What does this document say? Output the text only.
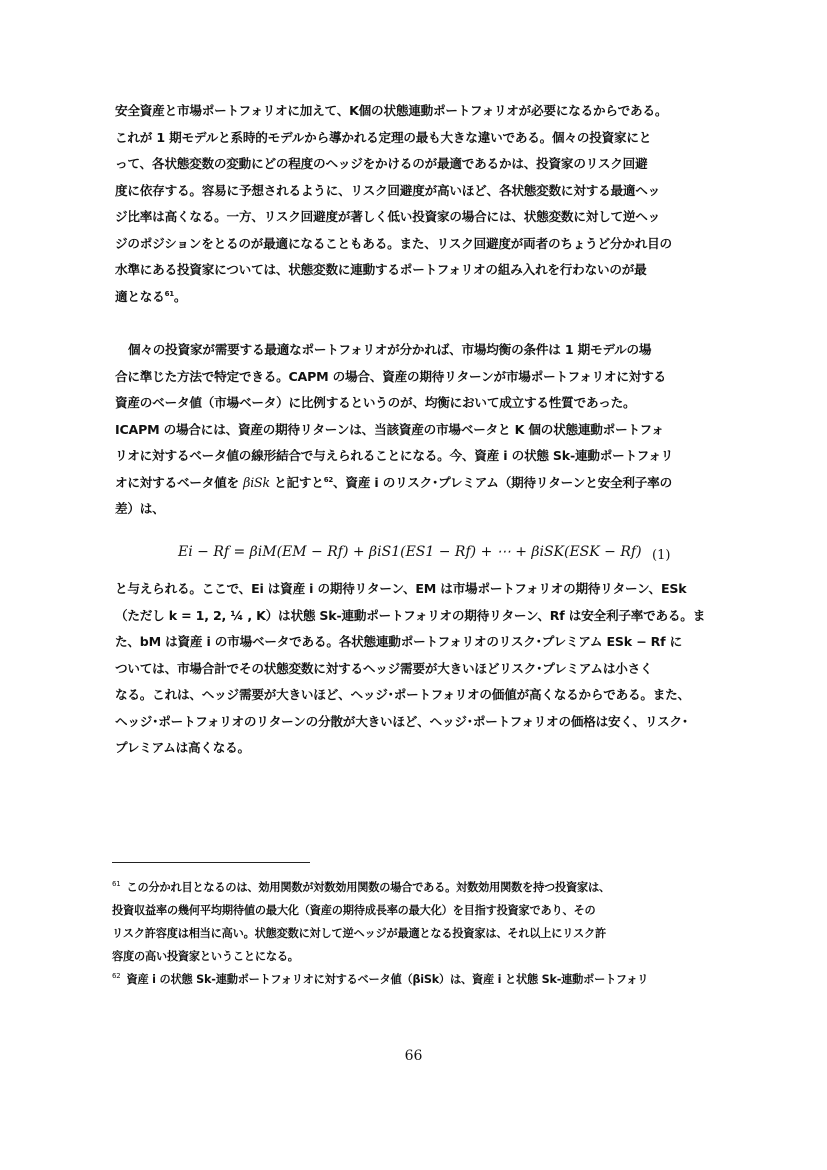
安全資産と市場ポートフォリオに加えて、K個の状態連動ポートフォリオが必要になるからである。
これが 1 期モデルと系時的モデルから導かれる定理の最も大きな違いである。個々の投資家にと
って、各状態変数の変動にどの程度のヘッジをかけるのが最適であるかは、投資家のリスク回避
度に依存する。容易に予想されるように、リスク回避度が高いほど、各状態変数に対する最適ヘッ
ジ比率は高くなる。一方、リスク回避度が著しく低い投資家の場合には、状態変数に対して逆ヘッ
ジのポジションをとるのが最適になることもある。また、リスク回避度が両者のちょうど分かれ目の
水準にある投資家については、状態変数に連動するポートフォリオの組み入れを行わないのが最
適となる$^{61}$。
個々の投資家が需要する最適なポートフォリオが分かれば、市場均衡の条件は 1 期モデルの場
合に準じた方法で特定できる。CAPM の場合、資産の期待リターンが市場ポートフォリオに対する
資産のベータ値（市場ベータ）に比例するというのが、均衡において成立する性質であった。
ICAPM の場合には、資産の期待リターンは、当該資産の市場ベータと K 個の状態連動ポートフォ
リオに対するベータ値の線形結合で与えられることになる。今、資産 i の状態 Sk-連動ポートフォリ
オに対するベータ値を βiSk と記すと$^{62}$、資産 i のリスク･プレミアム（期待リターンと安全利子率の
差）は、
Ei − Rf = βiM(EM − Rf) + βiS1(ES1 − Rf) + ⋯ + βiSK(ESK − Rf) (1)
と与えられる。ここで、Ei は資産 i の期待リターン、EM は市場ポートフォリオの期待リターン、ESk
（ただし k = 1, 2, ¼ , K）は状態 Sk-連動ポートフォリオの期待リターン、Rf は安全利子率である。ま
た、bM は資産 i の市場ベータである。各状態連動ポートフォリオのリスク･プレミアム ESk − Rf に
ついては、市場合計でその状態変数に対するヘッジ需要が大きいほどリスク･プレミアムは小さく
なる。これは、ヘッジ需要が大きいほど、ヘッジ･ポートフォリオの価値が高くなるからである。また、
ヘッジ･ポートフォリオのリターンの分散が大きいほど、ヘッジ･ポートフォリオの価格は安く、リスク･
プレミアムは高くなる。
$^{61}$ この分かれ目となるのは、効用関数が対数効用関数の場合である。対数効用関数を持つ投資家は、
投資収益率の幾何平均期待値の最大化（資産の期待成長率の最大化）を目指す投資家であり、その
リスク許容度は相当に高い。状態変数に対して逆ヘッジが最適となる投資家は、それ以上にリスク許
容度の高い投資家ということになる。
$^{62}$ 資産 i の状態 Sk-連動ポートフォリオに対するベータ値（βiSk）は、資産 i と状態 Sk-連動ポートフォリ
66
